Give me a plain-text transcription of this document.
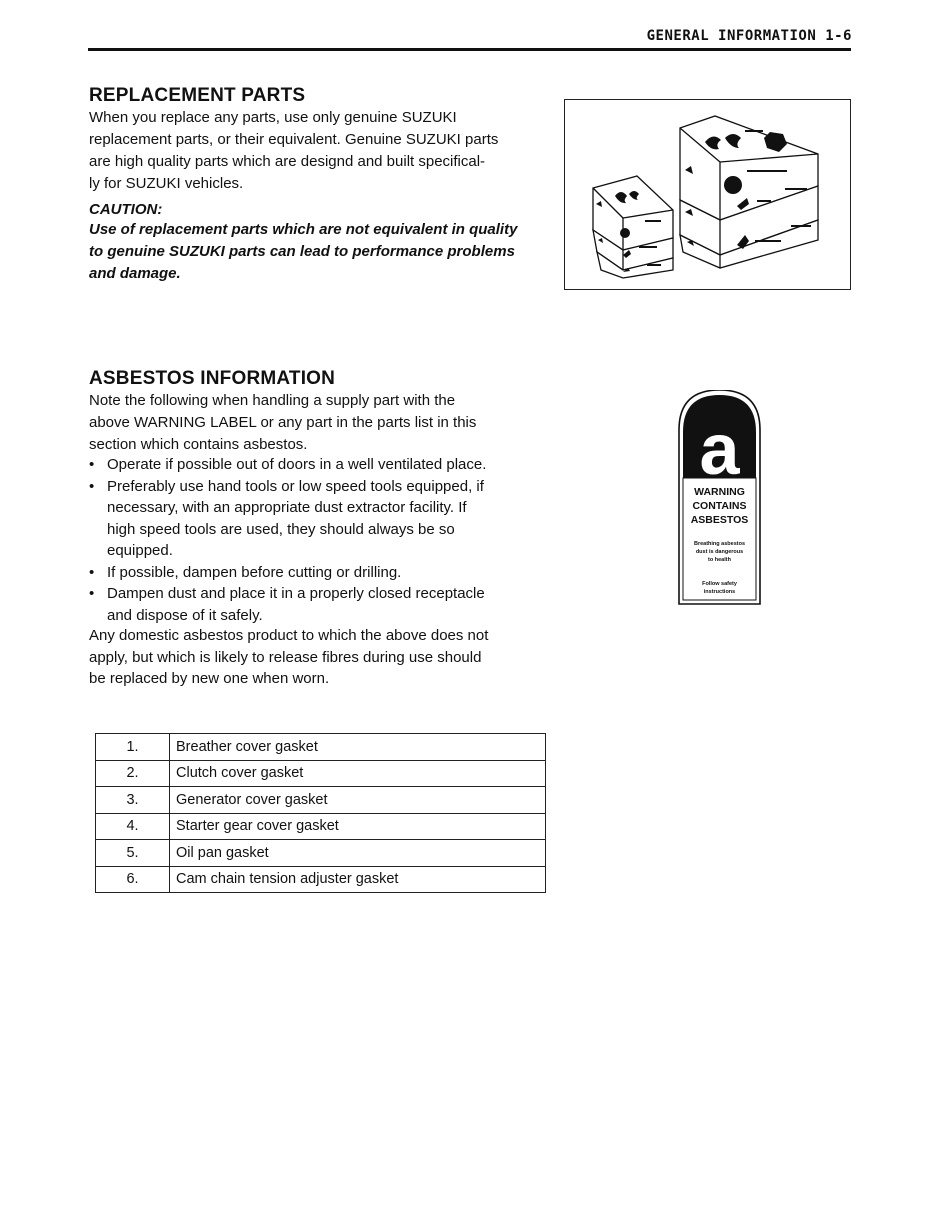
GENERAL INFORMATION 1-6
REPLACEMENT PARTS
When you replace any parts, use only genuine SUZUKI
replacement parts, or their equivalent. Genuine SUZUKI parts
are high quality parts which are designd and built specifical-
ly for SUZUKI vehicles.
CAUTION:
Use of replacement parts which are not equivalent in quality
to genuine SUZUKI parts can lead to performance problems
and damage.
ASBESTOS INFORMATION
Note the following when handling a supply part with the
above WARNING LABEL or any part in the parts list in this
section which contains asbestos.
• Operate if possible out of doors in a well ventilated place.
• Preferably use hand tools or low speed tools equipped, if
necessary, with an appropriate dust extractor facility. If
high speed tools are used, they should always be so
equipped.
• If possible, dampen before cutting or drilling.
• Dampen dust and place it in a properly closed receptacle
and dispose of it safely.
Any domestic asbestos product to which the above does not
apply, but which is likely to release fibres during use should
be replaced by new one when worn.
a
WARNING
CONTAINS
ASBESTOS
Breathing asbestos
dust is dangerous
to health
Follow safety
instructions
1.	Breather cover gasket
2.	Clutch cover gasket
3.	Generator cover gasket
4.	Starter gear cover gasket
5.	Oil pan gasket
6.	Cam chain tension adjuster gasket
